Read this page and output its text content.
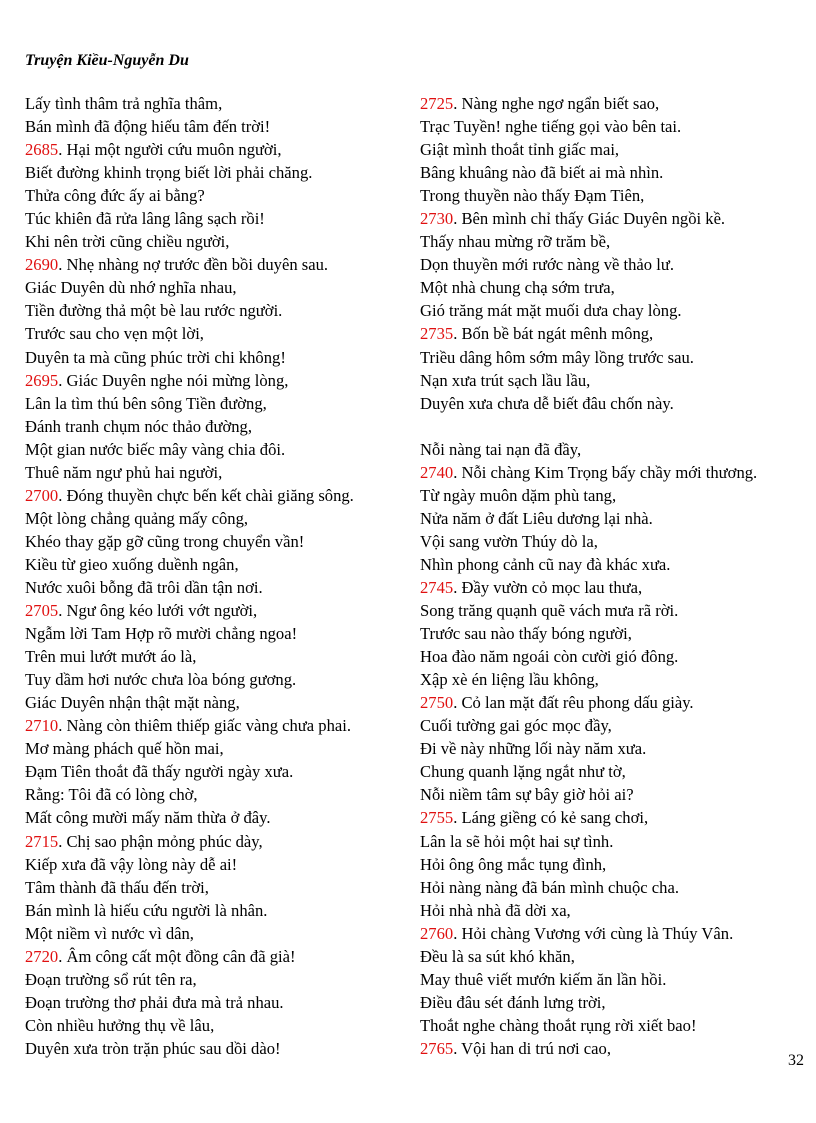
Truyện Kiều-Nguyễn Du
Lấy tình thâm trả nghĩa thâm,
Bán mình đã động hiếu tâm đến trời!
2685. Hại một người cứu muôn người,
Biết đường khinh trọng biết lời phải chăng.
Thửa công đức ấy ai bằng?
Túc khiên đã rửa lâng lâng sạch rồi!
Khi nên trời cũng chiều người,
2690. Nhẹ nhàng nợ trước đền bồi duyên sau.
Giác Duyên dù nhớ nghĩa nhau,
Tiền đường thả một bè lau rước người.
Trước sau cho vẹn một lời,
Duyên ta mà cũng phúc trời chi không!
2695. Giác Duyên nghe nói mừng lòng,
Lân la tìm thú bên sông Tiền đường,
Đánh tranh chụm nóc thảo đường,
Một gian nước biếc mây vàng chia đôi.
Thuê năm ngư phủ hai người,
2700. Đóng thuyền chực bến kết chài giăng sông.
Một lòng chẳng quảng mấy công,
Khéo thay gặp gỡ cũng trong chuyển vần!
Kiều từ gieo xuống duềnh ngân,
Nước xuôi bỗng đã trôi dần tận nơi.
2705. Ngư ông kéo lưới vớt người,
Ngẫm lời Tam Hợp rõ mười chẳng ngoa!
Trên mui lướt mướt áo là,
Tuy dầm hơi nước chưa lòa bóng gương.
Giác Duyên nhận thật mặt nàng,
2710. Nàng còn thiêm thiếp giấc vàng chưa phai.
Mơ màng phách quế hồn mai,
Đạm Tiên thoắt đã thấy người ngày xưa.
Rằng: Tôi đã có lòng chờ,
Mất công mười mấy năm thừa ở đây.
2715. Chị sao phận mỏng phúc dày,
Kiếp xưa đã vậy lòng này dễ ai!
Tâm thành đã thấu đến trời,
Bán mình là hiếu cứu người là nhân.
Một niềm vì nước vì dân,
2720. Âm công cất một đồng cân đã già!
Đoạn trường sổ rút tên ra,
Đoạn trường thơ phải đưa mà trả nhau.
Còn nhiều hưởng thụ về lâu,
Duyên xưa tròn trặn phúc sau dồi dào!
2725. Nàng nghe ngơ ngẩn biết sao,
Trạc Tuyền! nghe tiếng gọi vào bên tai.
Giật mình thoắt tỉnh giấc mai,
Bâng khuâng nào đã biết ai mà nhìn.
Trong thuyền nào thấy Đạm Tiên,
2730. Bên mình chỉ thấy Giác Duyên ngồi kề.
Thấy nhau mừng rỡ trăm bề,
Dọn thuyền mới rước nàng về thảo lư.
Một nhà chung chạ sớm trưa,
Gió trăng mát mặt muối dưa chay lòng.
2735. Bốn bề bát ngát mênh mông,
Triều dâng hôm sớm mây lồng trước sau.
Nạn xưa trút sạch lầu lầu,
Duyên xưa chưa dễ biết đâu chốn này.
Nỗi nàng tai nạn đã đầy,
2740. Nỗi chàng Kim Trọng bấy chầy mới thương.
Từ ngày muôn dặm phù tang,
Nửa năm ở đất Liêu dương lại nhà.
Vội sang vườn Thúy dò la,
Nhìn phong cảnh cũ nay đà khác xưa.
2745. Đầy vườn cỏ mọc lau thưa,
Song trăng quạnh quẽ vách mưa rã rời.
Trước sau nào thấy bóng người,
Hoa đào năm ngoái còn cười gió đông.
Xập xè én liệng lầu không,
2750. Cỏ lan mặt đất rêu phong dấu giày.
Cuối tường gai góc mọc đầy,
Đi về này những lối này năm xưa.
Chung quanh lặng ngắt như tờ,
Nỗi niềm tâm sự bây giờ hỏi ai?
2755. Láng giềng có kẻ sang chơi,
Lân la sẽ hỏi một hai sự tình.
Hỏi ông ông mắc tụng đình,
Hỏi nàng nàng đã bán mình chuộc cha.
Hỏi nhà nhà đã dời xa,
2760. Hỏi chàng Vương với cùng là Thúy Vân.
Đều là sa sút khó khăn,
May thuê viết mướn kiếm ăn lần hồi.
Điều đâu sét đánh lưng trời,
Thoắt nghe chàng thoắt rụng rời xiết bao!
2765. Vội han di trú nơi cao,
32
